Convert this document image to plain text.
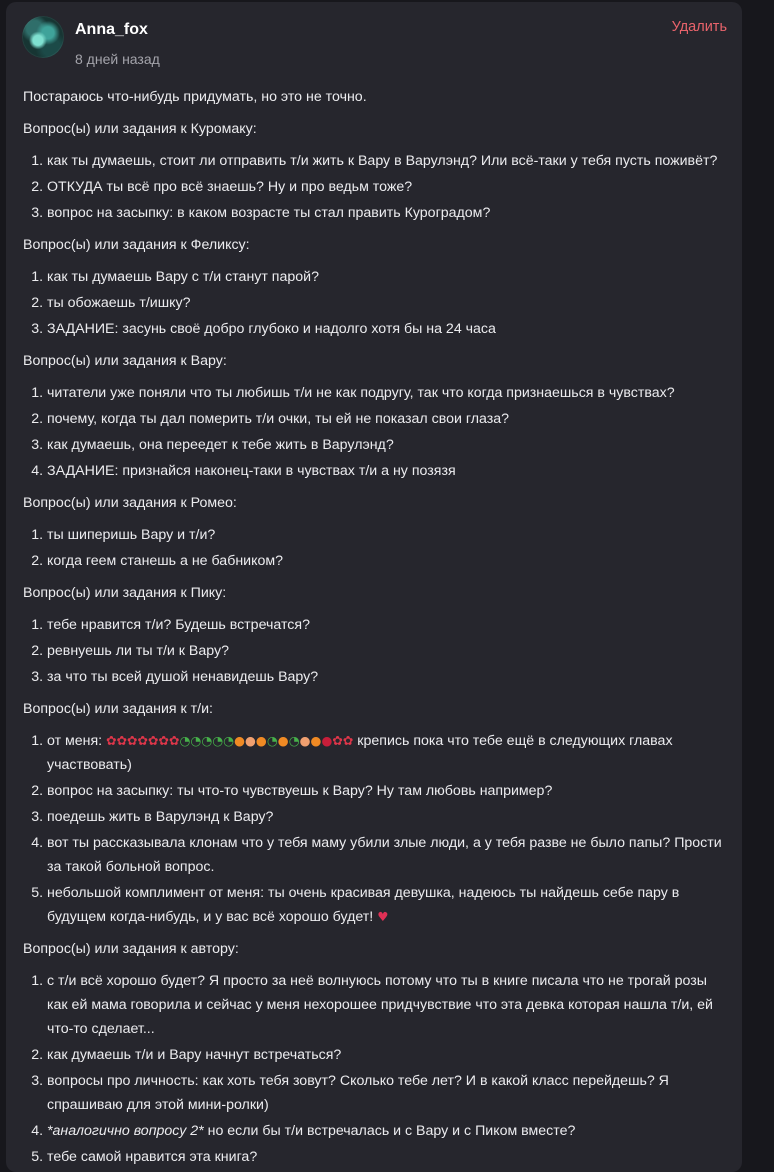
Anna_fox
8 дней назад
Удалить

Постараюсь что-нибудь придумать, но это не точно.

Вопрос(ы) или задания к Куромаку:

1. как ты думаешь, стоит ли отправить т/и жить к Вару в Варулэнд? Или всё-таки у тебя пусть поживёт?
2. ОТКУДА ты всё про всё знаешь? Ну и про ведьм тоже?
3. вопрос на засыпку: в каком возрасте ты стал править Курогрaдом?

Вопрос(ы) или задания к Феликсу:

1. как ты думаешь Вару с т/и станут парой?
2. ты обожаешь т/ишку?
3. ЗАДАНИЕ: засунь своё добро глубоко и надолго хотя бы на 24 часа

Вопрос(ы) или задания к Вару:

1. читатели уже поняли что ты любишь т/и не как подругу, так что когда признаешься в чувствах?
2. почему, когда ты дал померить т/и очки, ты ей не показал свои глаза?
3. как думаешь, она переедет к тебе жить в Варулэнд?
4. ЗАДАНИЕ: признайся наконец-таки в чувствах т/и а ну позязя

Вопрос(ы) или задания к Ромео:

1. ты шиперишь Вару и т/и?
2. когда геем станешь а не бабником?

Вопрос(ы) или задания к Пику:

1. тебе нравится т/и? Будешь встречатся?
2. ревнуешь ли ты т/и к Вару?
3. за что ты всей душой ненавидешь Вару?

Вопрос(ы) или задания к т/и:

1. от меня: ✿✿✿✿✿✿✿◔◔◔◔◔●●●◔●◔●●●✿✿ крепись пока что тебе ещё в следующих главах участвовать)
2. вопрос на засыпку: ты что-то чувствуешь к Вару? Ну там любовь например?
3. поедешь жить в Варулэнд к Вару?
4. вот ты рассказывала клонам что у тебя маму убили злые люди, а у тебя разве не было папы? Прости за такой больной вопрос.
5. небольшой комплимент от меня: ты очень красивая девушка, надеюсь ты найдешь себе пару в будущем когда-нибудь, и у вас всё хорошо будет! ♥

Вопрос(ы) или задания к автору:

1. с т/и всё хорошо будет? Я просто за неё волнуюсь потому что ты в книге писала что не трогай розы как ей мама говорила и сейчас у меня нехорошее придчувствие что эта девка которая нашла т/и, ей что-то сделает...
2. как думаешь т/и и Вару начнут встречаться?
3. вопросы про личность: как хоть тебя зовут? Сколько тебе лет? И в какой класс перейдешь? Я спрашиваю для этой мини-ролки)
4. *аналогично вопросу 2* но если бы т/и встречалась и с Вару и с Пиком вместе?
5. тебе самой нравится эта книга?
